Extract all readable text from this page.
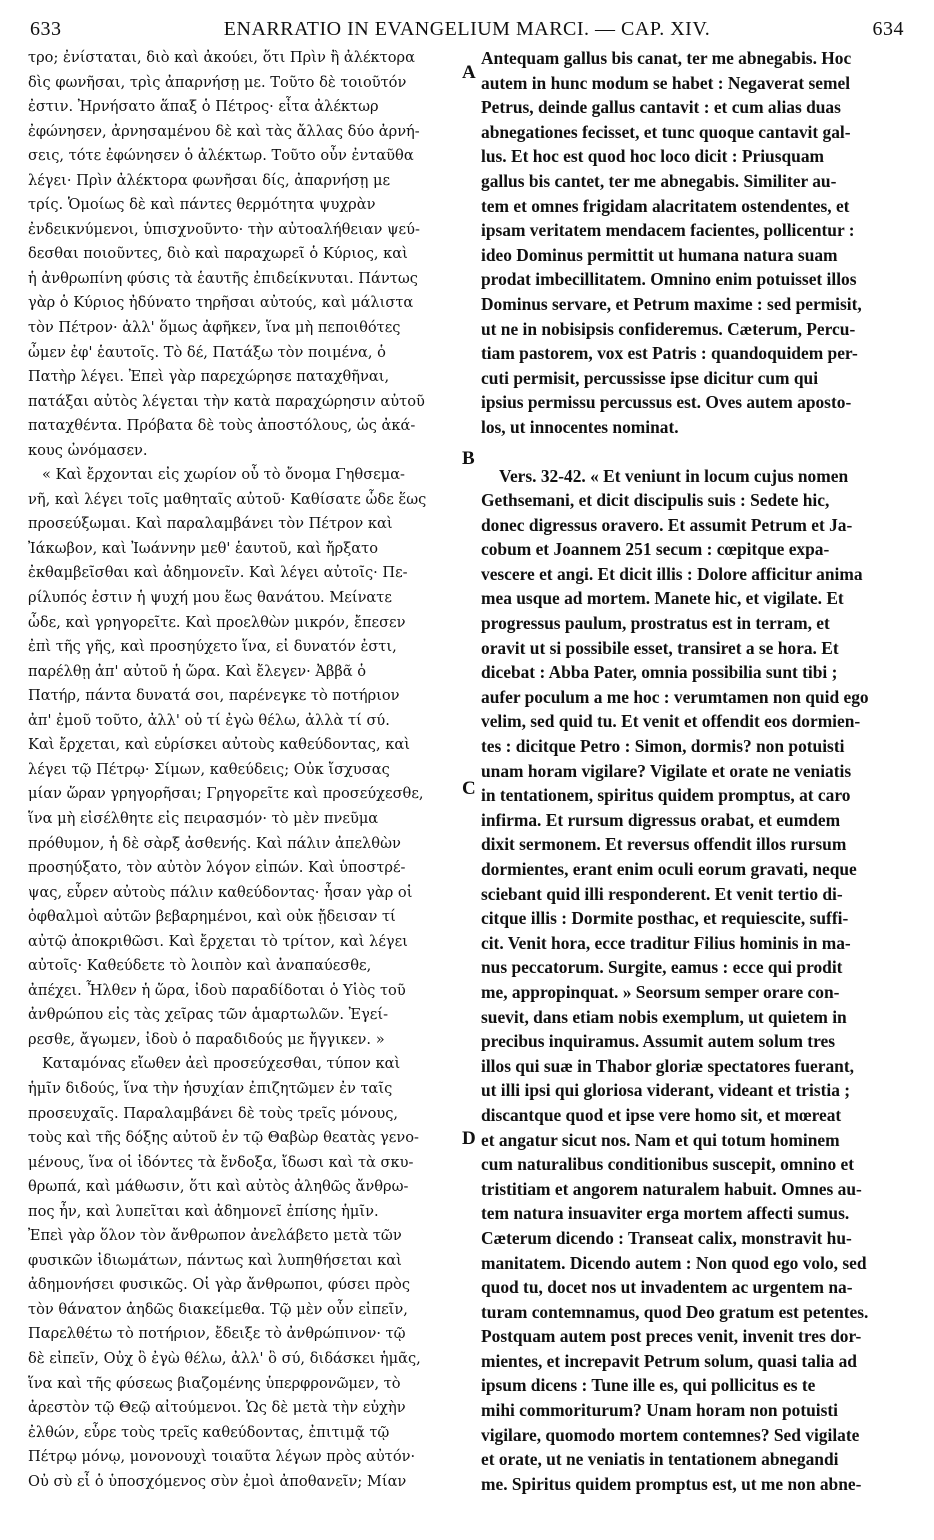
633	ENARRATIO IN EVANGELIUM MARCI. — CAP. XIV.	634

τρο; ἐνίσταται, διὸ καὶ ἀκούει, ὅτι Πρὶν ἢ ἀλέκτορα

δὶς φωνῆσαι, τρὶς ἀπαρνήσῃ με. Τοῦτο δὲ τοιοῦτόν

ἐστιν. Ἠρνήσατο ἅπαξ ὁ Πέτρος· εἶτα ἀλέκτωρ

ἐφώνησεν, ἀρνησαμένου δὲ καὶ τὰς ἄλλας δύο ἀρνή-

σεις, τότε ἐφώνησεν ὁ ἀλέκτωρ. Τοῦτο οὖν ἐνταῦθα

λέγει· Πρὶν ἀλέκτορα φωνῆσαι δίς, ἀπαρνήσῃ με

τρίς. Ὁμοίως δὲ καὶ πάντες θερμότητα ψυχρὰν

ἐνδεικνύμενοι, ὑπισχνοῦντο· τὴν αὐτοαλήθειαν ψεύ-

δεσθαι ποιοῦντες, διὸ καὶ παραχωρεῖ ὁ Κύριος, καὶ

ἡ ἀνθρωπίνη φύσις τὰ ἑαυτῆς ἐπιδείκνυται. Πάντως

γὰρ ὁ Κύριος ἠδύνατο τηρῆσαι αὐτούς, καὶ μάλιστα

τὸν Πέτρον· ἀλλ' ὅμως ἀφῆκεν, ἵνα μὴ πεποιθότες

ὦμεν ἐφ' ἑαυτοῖς. Τὸ δέ, Πατάξω τὸν ποιμένα, ὁ

Πατὴρ λέγει. Ἐπεὶ γὰρ παρεχώρησε παταχθῆναι,

πατάξαι αὐτὸς λέγεται τὴν κατὰ παραχώρησιν αὐτοῦ

παταχθέντα. Πρόβατα δὲ τοὺς ἀποστόλους, ὡς ἀκά-

κους ὠνόμασεν.

« Καὶ ἔρχονται εἰς χωρίον οὗ τὸ ὄνομα Γηθσεμα-

νῆ, καὶ λέγει τοῖς μαθηταῖς αὐτοῦ· Καθίσατε ὧδε ἕως

προσεύξωμαι. Καὶ παραλαμβάνει τὸν Πέτρον καὶ

Ἰάκωβον, καὶ Ἰωάννην μεθ' ἑαυτοῦ, καὶ ἤρξατο

ἐκθαμβεῖσθαι καὶ ἀδημονεῖν. Καὶ λέγει αὐτοῖς· Πε-

ρίλυπός ἐστιν ἡ ψυχή μου ἕως θανάτου. Μείνατε

ὧδε, καὶ γρηγορεῖτε. Καὶ προελθὼν μικρόν, ἔπεσεν

ἐπὶ τῆς γῆς, καὶ προσηύχετο ἵνα, εἰ δυνατόν ἐστι,

παρέλθῃ ἀπ' αὐτοῦ ἡ ὥρα. Καὶ ἔλεγεν· Ἀββᾶ ὁ

Πατήρ, πάντα δυνατά σοι, παρένεγκε τὸ ποτήριον

ἀπ' ἐμοῦ τοῦτο, ἀλλ' οὐ τί ἐγὼ θέλω, ἀλλὰ τί σύ.

Καὶ ἔρχεται, καὶ εὑρίσκει αὐτοὺς καθεύδοντας, καὶ

λέγει τῷ Πέτρῳ· Σίμων, καθεύδεις; Οὐκ ἴσχυσας

μίαν ὥραν γρηγορῆσαι; Γρηγορεῖτε καὶ προσεύχεσθε,

ἵνα μὴ εἰσέλθητε εἰς πειρασμόν· τὸ μὲν πνεῦμα

πρόθυμον, ἡ δὲ σὰρξ ἀσθενής. Καὶ πάλιν ἀπελθὼν

προσηύξατο, τὸν αὐτὸν λόγον εἰπών. Καὶ ὑποστρέ-

ψας, εὗρεν αὐτοὺς πάλιν καθεύδοντας· ἦσαν γὰρ οἱ

ὀφθαλμοὶ αὐτῶν βεβαρημένοι, καὶ οὐκ ᾔδεισαν τί

αὐτῷ ἀποκριθῶσι. Καὶ ἔρχεται τὸ τρίτον, καὶ λέγει

αὐτοῖς· Καθεύδετε τὸ λοιπὸν καὶ ἀναπαύεσθε,

ἀπέχει. Ἦλθεν ἡ ὥρα, ἰδοὺ παραδίδοται ὁ Υἱὸς τοῦ

ἀνθρώπου εἰς τὰς χεῖρας τῶν ἁμαρτωλῶν. Ἐγεί-

ρεσθε, ἄγωμεν, ἰδοὺ ὁ παραδιδούς με ἤγγικεν. »

Καταμόνας εἴωθεν ἀεὶ προσεύχεσθαι, τύπον καὶ

ἡμῖν διδούς, ἵνα τὴν ἡσυχίαν ἐπιζητῶμεν ἐν ταῖς

προσευχαῖς. Παραλαμβάνει δὲ τοὺς τρεῖς μόνους,

τοὺς καὶ τῆς δόξης αὐτοῦ ἐν τῷ Θαβὼρ θεατὰς γενο-

μένους, ἵνα οἱ ἰδόντες τὰ ἔνδοξα, ἴδωσι καὶ τὰ σκυ-

θρωπά, καὶ μάθωσιν, ὅτι καὶ αὐτὸς ἀληθῶς ἄνθρω-

πος ἦν, καὶ λυπεῖται καὶ ἀδημονεῖ ἐπίσης ἡμῖν.

Ἐπεὶ γὰρ ὅλον τὸν ἄνθρωπον ἀνελάβετο μετὰ τῶν

φυσικῶν ἰδιωμάτων, πάντως καὶ λυπηθήσεται καὶ

ἀδημονήσει φυσικῶς. Οἱ γὰρ ἄνθρωποι, φύσει πρὸς

τὸν θάνατον ἀηδῶς διακείμεθα. Τῷ μὲν οὖν εἰπεῖν,

Παρελθέτω τὸ ποτήριον, ἔδειξε τὸ ἀνθρώπινον· τῷ

δὲ εἰπεῖν, Οὐχ ὃ ἐγὼ θέλω, ἀλλ' ὃ σύ, διδάσκει ἡμᾶς,

ἵνα καὶ τῆς φύσεως βιαζομένης ὑπερφρονῶμεν, τὸ

ἀρεστὸν τῷ Θεῷ αἰτούμενοι. Ὡς δὲ μετὰ τὴν εὐχὴν

ἐλθών, εὗρε τοὺς τρεῖς καθεύδοντας, ἐπιτιμᾷ τῷ

Πέτρῳ μόνῳ, μονονουχὶ τοιαῦτα λέγων πρὸς αὐτόν·

Οὐ σὺ εἶ ὁ ὑποσχόμενος σὺν ἐμοὶ ἀποθανεῖν; Μίαν

Antequam gallus bis canat, ter me abnegabis. Hoc

autem in hunc modum se habet : Negaverat semel

Petrus, deinde gallus cantavit : et cum alias duas

abnegationes fecisset, et tunc quoque cantavit gal-

lus. Et hoc est quod hoc loco dicit : Priusquam

gallus bis cantet, ter me abnegabis. Similiter au-

tem et omnes frigidam alacritatem ostendentes, et

ipsam veritatem mendacem facientes, pollicentur :

ideo Dominus permittit ut humana natura suam

prodat imbecillitatem. Omnino enim potuisset illos

Dominus servare, et Petrum maxime : sed permisit,

ut ne in nobisipsis confideremus. Cæterum, Percu-

tiam pastorem, vox est Patris : quandoquidem per-

cuti permisit, percussisse ipse dicitur cum qui

ipsius permissu percussus est. Oves autem aposto-

los, ut innocentes nominat.

Vers. 32-42. « Et veniunt in locum cujus nomen

Gethsemani, et dicit discipulis suis : Sedete hic,

donec digressus oravero. Et assumit Petrum et Ja-

cobum et Joannem 251 secum : cœpitque expa-

vescere et angi. Et dicit illis : Dolore afficitur anima

mea usque ad mortem. Manete hic, et vigilate. Et

progressus paulum, prostratus est in terram, et

oravit ut si possibile esset, transiret a se hora. Et

dicebat : Abba Pater, omnia possibilia sunt tibi ;

aufer poculum a me hoc : verumtamen non quid ego

velim, sed quid tu. Et venit et offendit eos dormien-

tes : dicitque Petro : Simon, dormis? non potuisti

unam horam vigilare? Vigilate et orate ne veniatis

in tentationem, spiritus quidem promptus, at caro

infirma. Et rursum digressus orabat, et eumdem

dixit sermonem. Et reversus offendit illos rursum

dormientes, erant enim oculi eorum gravati, neque

sciebant quid illi responderent. Et venit tertio di-

citque illis : Dormite posthac, et requiescite, suffi-

cit. Venit hora, ecce traditur Filius hominis in ma-

nus peccatorum. Surgite, eamus : ecce qui prodit

me, appropinquat. » Seorsum semper orare con-

suevit, dans etiam nobis exemplum, ut quietem in

precibus inquiramus. Assumit autem solum tres

illos qui suæ in Thabor gloriæ spectatores fuerant,

ut illi ipsi qui gloriosa viderant, videant et tristia ;

discantque quod et ipse vere homo sit, et mœreat

et angatur sicut nos. Nam et qui totum hominem

cum naturalibus conditionibus suscepit, omnino et

tristitiam et angorem naturalem habuit. Omnes au-

tem natura insuaviter erga mortem affecti sumus.

Cæterum dicendo : Transeat calix, monstravit hu-

manitatem. Dicendo autem : Non quod ego volo, sed

quod tu, docet nos ut invadentem ac urgentem na-

turam contemnamus, quod Deo gratum est petentes.

Postquam autem post preces venit, invenit tres dor-

mientes, et increpavit Petrum solum, quasi talia ad

ipsum dicens : Tune ille es, qui pollicitus es te

mihi commoriturum? Unam horam non potuisti

vigilare, quomodo mortem contemnes? Sed vigilate

et orate, ut ne veniatis in tentationem abnegandi

me. Spiritus quidem promptus est, ut me non abne-

A
B
C
D
